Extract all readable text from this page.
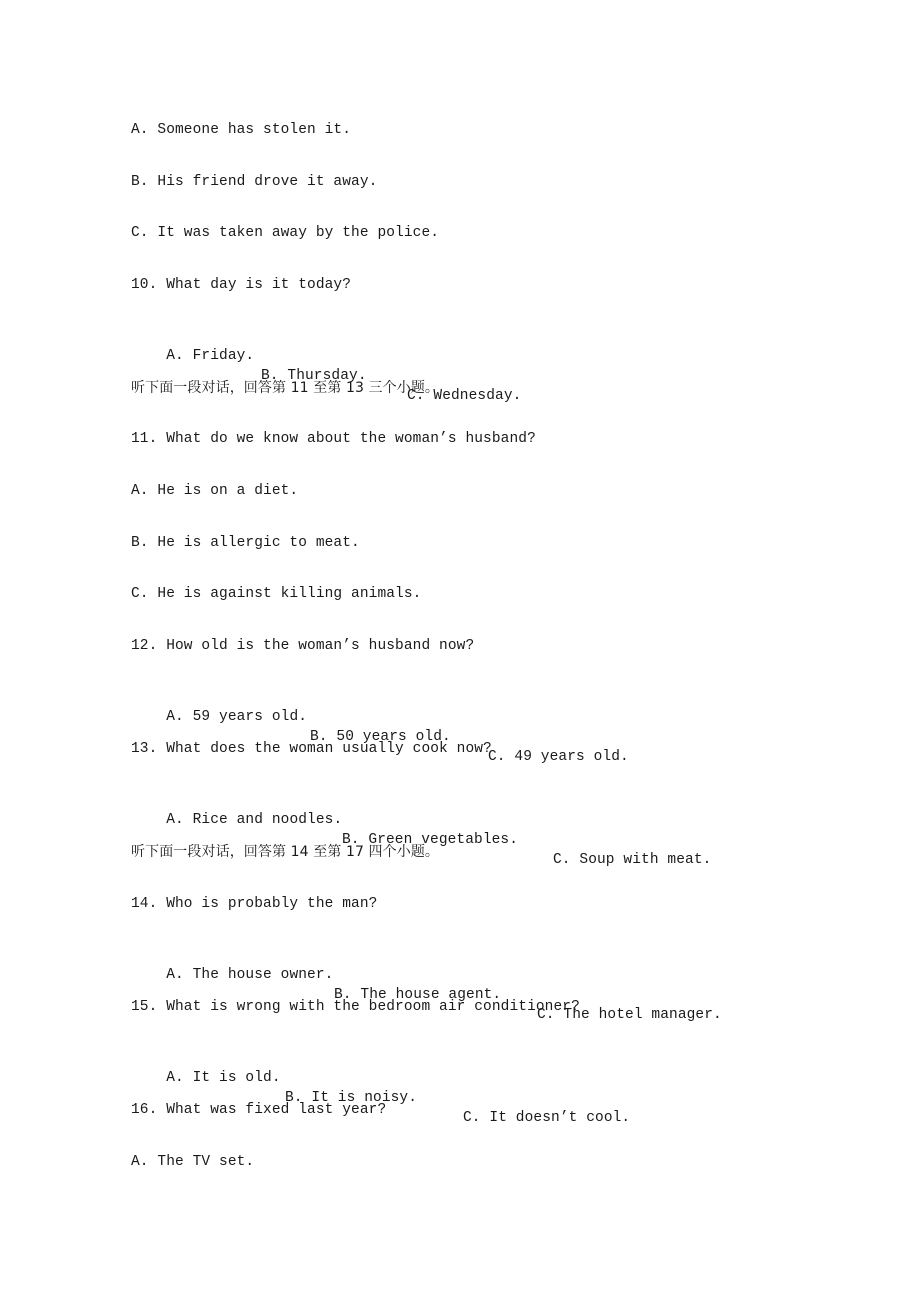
A. Someone has stolen it.
B. His friend drove it away.
C. It was taken away by the police.
10. What day is it today?

A. Friday.

B. Thursday.

C. Wednesday.

听下面一段对话，回答第 11 至第 13 三个小题。
11. What do we know about the woman’s husband?
A. He is on a diet.
B. He is allergic to meat.
C. He is against killing animals.
12. How old is the woman’s husband now?

A. 59 years old.

B. 50 years old.

C. 49 years old.

13. What does the woman usually cook now?

A. Rice and noodles.

B. Green vegetables.

C. Soup with meat.

听下面一段对话，回答第 14 至第 17 四个小题。
14. Who is probably the man?

A. The house owner.

B. The house agent.

C. The hotel manager.

15. What is wrong with the bedroom air conditioner?

A. It is old.

B. It is noisy.

C. It doesn’t cool.

16. What was fixed last year?
A. The TV set.
